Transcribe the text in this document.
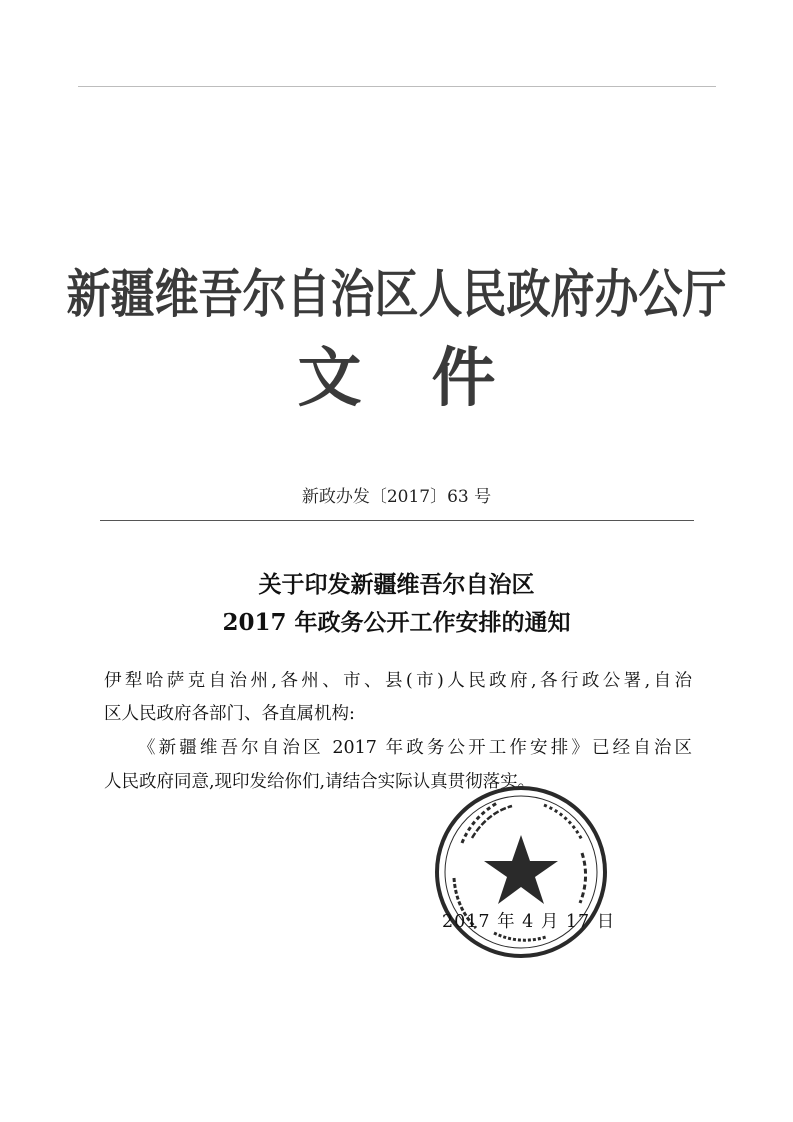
新疆维吾尔自治区人民政府办公厅
文件
新政办发〔2017〕63 号
关于印发新疆维吾尔自治区
2017 年政务公开工作安排的通知
伊犁哈萨克自治州,各州、市、县(市)人民政府,各行政公署,自治
区人民政府各部门、各直属机构:
《新疆维吾尔自治区 2017 年政务公开工作安排》已经自治区
人民政府同意,现印发给你们,请结合实际认真贯彻落实。
2017 年 4 月 17 日
